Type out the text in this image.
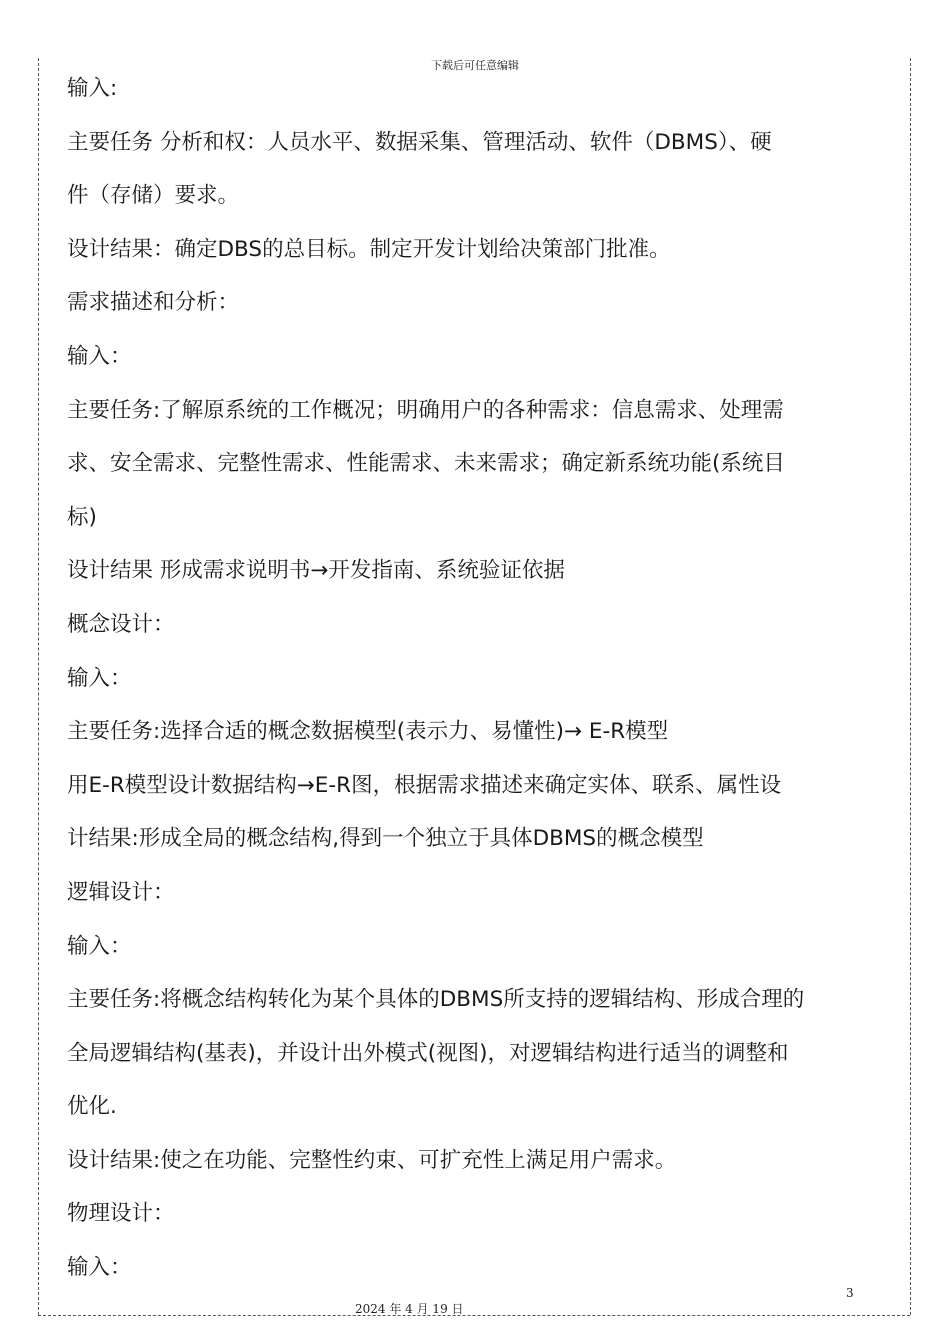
下载后可任意编辑
输入:
主要任务 分析和权：人员水平、数据采集、管理活动、软件（DBMS）、硬
件（存储）要求。
设计结果：确定DBS的总目标。制定开发计划给决策部门批准。
需求描述和分析：
输入：
主要任务:了解原系统的工作概况；明确用户的各种需求：信息需求、处理需
求、安全需求、完整性需求、性能需求、未来需求；确定新系统功能(系统目
标)
设计结果 形成需求说明书→开发指南、系统验证依据
概念设计：
输入：
主要任务:选择合适的概念数据模型(表示力、易懂性)→ E-R模型
用E-R模型设计数据结构→E-R图，根据需求描述来确定实体、联系、属性设
计结果:形成全局的概念结构,得到一个独立于具体DBMS的概念模型
逻辑设计：
输入：
主要任务:将概念结构转化为某个具体的DBMS所支持的逻辑结构、形成合理的
全局逻辑结构(基表)，并设计出外模式(视图)，对逻辑结构进行适当的调整和
优化.
设计结果:使之在功能、完整性约束、可扩充性上满足用户需求。
物理设计：
输入：
3
2024 年 4 月 19 日
